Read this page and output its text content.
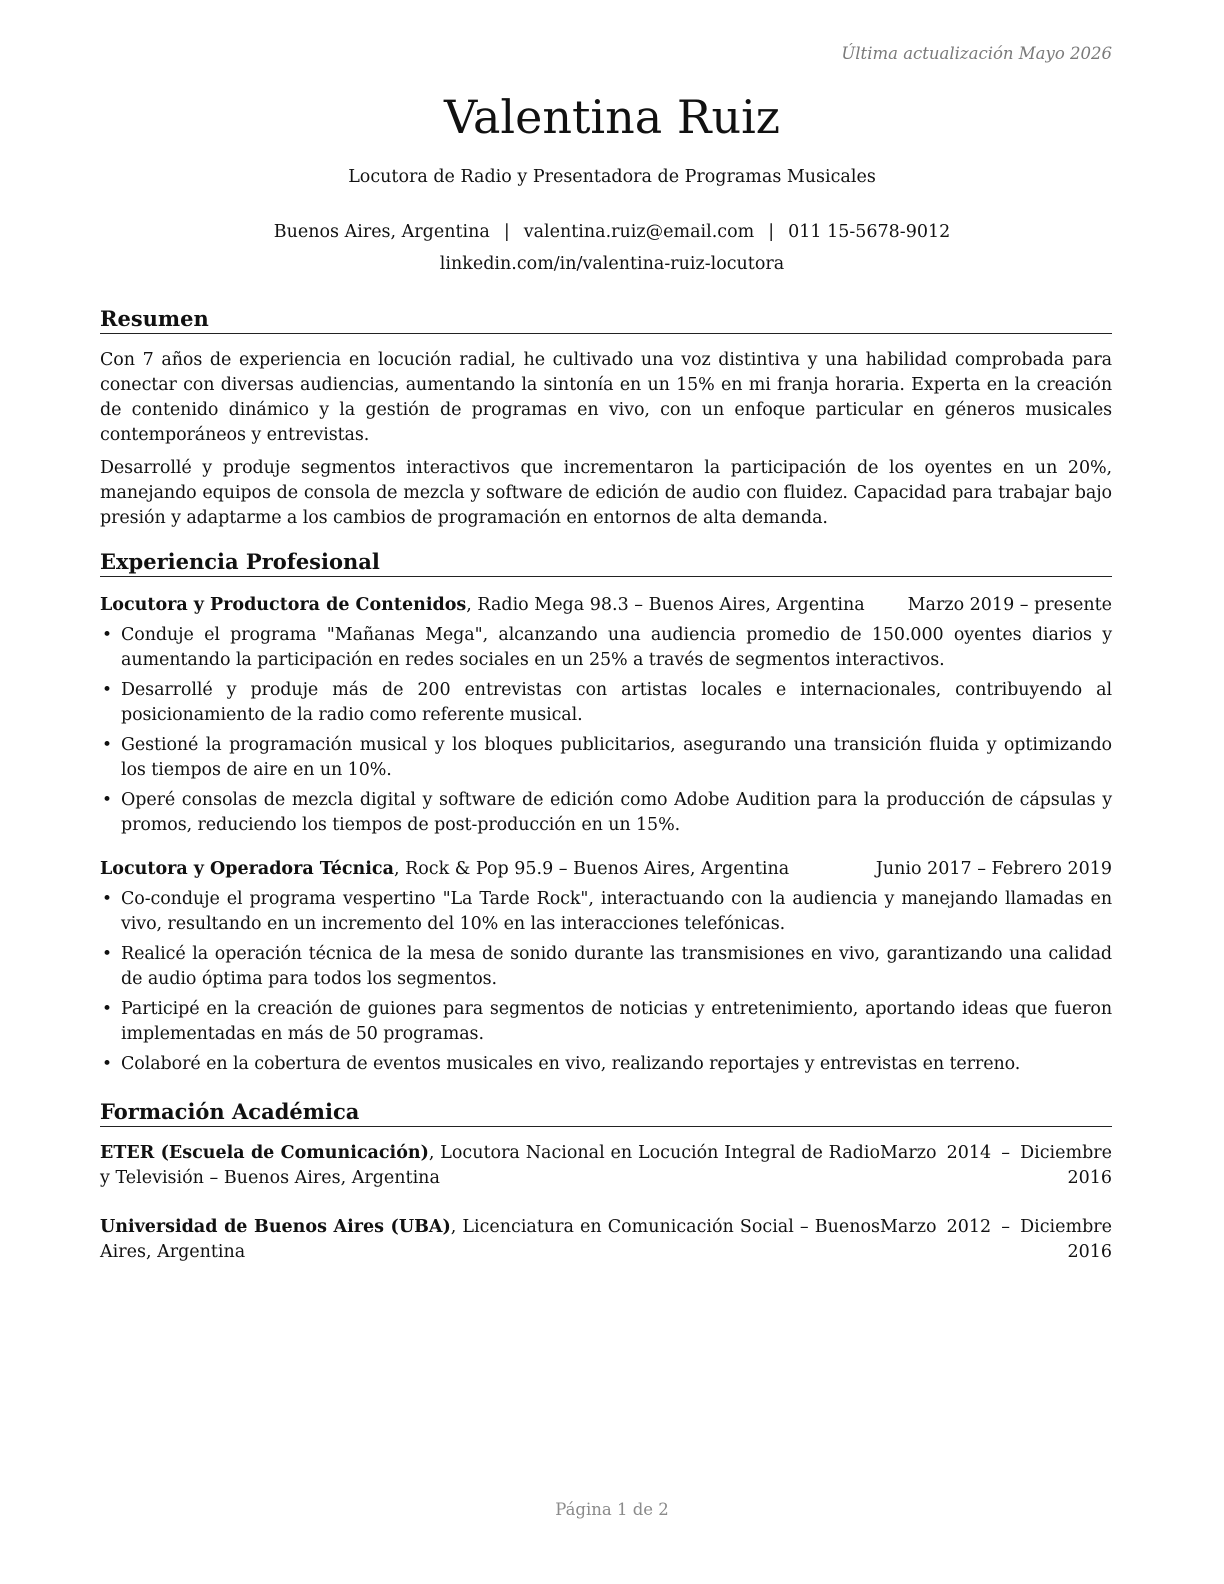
Última actualización Mayo 2026
Valentina Ruiz
Locutora de Radio y Presentadora de Programas Musicales
Buenos Aires, Argentina | valentina.ruiz@email.com | 011 15-5678-9012
linkedin.com/in/valentina-ruiz-locutora
Resumen

Con 7 años de experiencia en locución radial, he cultivado una voz distintiva y una habilidad comprobada para conectar con diversas audiencias, aumentando la sintonía en un 15% en mi franja horaria. Experta en la creación de contenido dinámico y la gestión de programas en vivo, con un enfoque particular en géneros musicales contemporáneos y entrevistas.

Desarrollé y produje segmentos interactivos que incrementaron la participación de los oyentes en un 20%, manejando equipos de consola de mezcla y software de edición de audio con fluidez. Capacidad para trabajar bajo presión y adaptarme a los cambios de programación en entornos de alta demanda.

Experiencia Profesional
Locutora y Productora de Contenidos, Radio Mega 98.3 – Buenos Aires, Argentina Marzo 2019 – presente
• Conduje el programa "Mañanas Mega", alcanzando una audiencia promedio de 150.000 oyentes diarios y aumentando la participación en redes sociales en un 25% a través de segmentos interactivos.
• Desarrollé y produje más de 200 entrevistas con artistas locales e internacionales, contribuyendo al posicionamiento de la radio como referente musical.
• Gestioné la programación musical y los bloques publicitarios, asegurando una transición fluida y optimizando los tiempos de aire en un 10%.
• Operé consolas de mezcla digital y software de edición como Adobe Audition para la producción de cápsulas y promos, reduciendo los tiempos de post-producción en un 15%.
Locutora y Operadora Técnica, Rock & Pop 95.9 – Buenos Aires, Argentina	Junio 2017 – Febrero 2019
• Co-conduje el programa vespertino "La Tarde Rock", interactuando con la audiencia y manejando llamadas en vivo, resultando en un incremento del 10% en las interacciones telefónicas.
• Realicé la operación técnica de la mesa de sonido durante las transmisiones en vivo, garantizando una calidad de audio óptima para todos los segmentos.
• Participé en la creación de guiones para segmentos de noticias y entretenimiento, aportando ideas que fueron implementadas en más de 50 programas.
• Colaboré en la cobertura de eventos musicales en vivo, realizando reportajes y entrevistas en terreno.
Formación Académica
ETER (Escuela de Comunicación), Locutora Nacional en Locución Integral de Radio y Televisión – Buenos Aires, Argentina
Marzo 2014 – Diciembre 2016
Universidad de Buenos Aires (UBA), Licenciatura en Comunicación Social – Buenos Aires, Argentina
Marzo 2012 – Diciembre 2016
Página 1 de 2
